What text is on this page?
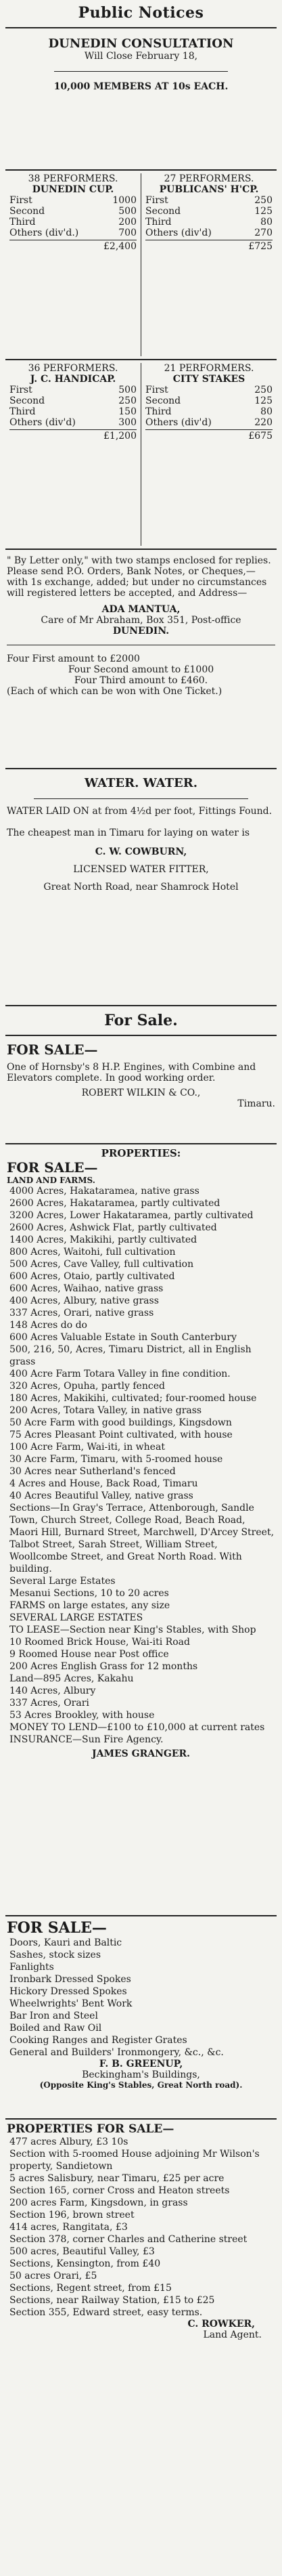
Public Notices
DUNEDIN CONSULTATION
Will Close February 18,
10,000 MEMBERS AT 10s EACH.
38 PERFORMERS.
DUNEDIN CUP.
First	1000
Second	500
Third	200
Others (div'd.)	700
£2,400
27 PERFORMERS.
PUBLICANS' H'CP.
First	250
Second	125
Third	80
Others (div'd)	270
£725
36 PERFORMERS.
J. C. HANDICAP.
First	500
Second	250
Third	150
Others (div'd)	300
£1,200
21 PERFORMERS.
CITY STAKES
First	250
Second	125
Third	80
Others (div'd)	220
£675

" By Letter only," with two stamps enclosed for replies. Please send P.O. Orders, Bank Notes, or Cheques,—with 1s exchange, added; but under no circumstances will registered letters be accepted, and Address—

ADA MANTUA,
Care of Mr Abraham, Box 351, Post-office
DUNEDIN.
Four First amount to £2000
Four Second amount to £1000
Four Third amount to £460.
(Each of which can be won with One Ticket.)
WATER. WATER.

WATER LAID ON at from 4½d per foot, Fittings Found.

The cheapest man in Timaru for laying on water is

C. W. COWBURN,
LICENSED WATER FITTER,
Great North Road, near Shamrock Hotel
For Sale.
FOR SALE—

One of Hornsby's 8 H.P. Engines, with Combine and Elevators complete. In good working order.

ROBERT WILKIN & CO.,
Timaru.
PROPERTIES:
FOR SALE—
LAND AND FARMS.

4000 Acres, Hakataramea, native grass

2600 Acres, Hakataramea, partly cultivated

3200 Acres, Lower Hakataramea, partly cultivated

2600 Acres, Ashwick Flat, partly cultivated

1400 Acres, Makikihi, partly cultivated

800 Acres, Waitohi, full cultivation

500 Acres, Cave Valley, full cultivation

600 Acres, Otaio, partly cultivated

600 Acres, Waihao, native grass

400 Acres, Albury, native grass

337 Acres, Orari, native grass

148 Acres do do

600 Acres Valuable Estate in South Canterbury

500, 216, 50, Acres, Timaru District, all in English grass

400 Acre Farm Totara Valley in fine condition.

320 Acres, Opuha, partly fenced

180 Acres, Makikihi, cultivated; four-roomed house

200 Acres, Totara Valley, in native grass

50 Acre Farm with good buildings, Kingsdown

75 Acres Pleasant Point cultivated, with house

100 Acre Farm, Wai-iti, in wheat

30 Acre Farm, Timaru, with 5-roomed house

30 Acres near Sutherland's fenced

4 Acres and House, Back Road, Timaru

40 Acres Beautiful Valley, native grass

Sections—In Gray's Terrace, Attenborough, Sandle Town, Church Street, College Road, Beach Road, Maori Hill, Burnard Street, Marchwell, D'Arcey Street, Talbot Street, Sarah Street, William Street, Woollcombe Street, and Great North Road. With building.

Several Large Estates

Mesanui Sections, 10 to 20 acres

FARMS on large estates, any size

SEVERAL LARGE ESTATES

TO LEASE—Section near King's Stables, with Shop

10 Roomed Brick House, Wai-iti Road

9 Roomed House near Post office

200 Acres English Grass for 12 months

Land—895 Acres, Kakahu

140 Acres, Albury

337 Acres, Orari

53 Acres Brookley, with house

MONEY TO LEND—£100 to £10,000 at current rates

INSURANCE—Sun Fire Agency.

JAMES GRANGER.
FOR SALE—

Doors, Kauri and Baltic

Sashes, stock sizes

Fanlights

Ironbark Dressed Spokes

Hickory Dressed Spokes

Wheelwrights' Bent Work

Bar Iron and Steel

Boiled and Raw Oil

Cooking Ranges and Register Grates

General and Builders' Ironmongery, &c., &c.

F. B. GREENUP,
Beckingham's Buildings,
(Opposite King's Stables, Great North road).
PROPERTIES FOR SALE—

477 acres Albury, £3 10s

Section with 5-roomed House adjoining Mr Wilson's property, Sandietown

5 acres Salisbury, near Timaru, £25 per acre

Section 165, corner Cross and Heaton streets

200 acres Farm, Kingsdown, in grass

Section 196, brown street

414 acres, Rangitata, £3

Section 378, corner Charles and Catherine street

500 acres, Beautiful Valley, £3

Sections, Kensington, from £40

50 acres Orari, £5

Sections, Regent street, from £15

Sections, near Railway Station, £15 to £25

Section 355, Edward street, easy terms.

C. ROWKER,
Land Agent.
